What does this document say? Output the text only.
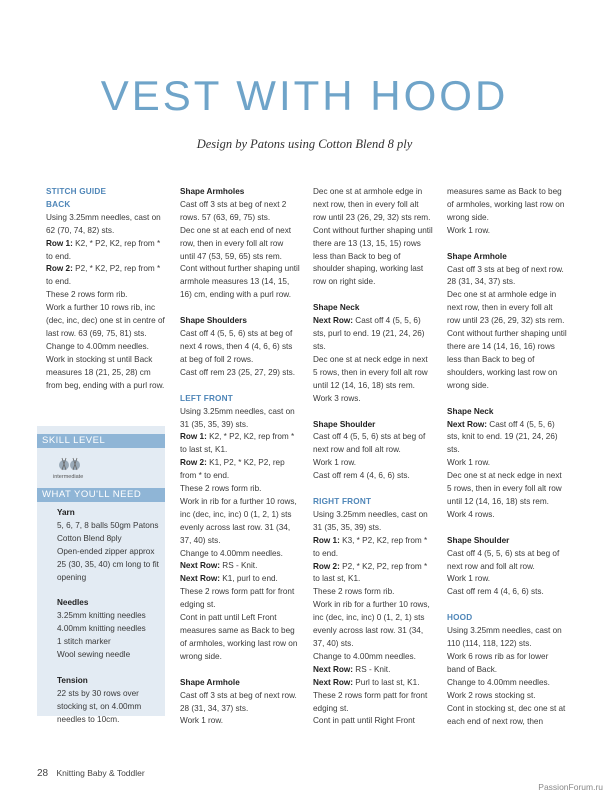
VEST WITH HOOD
Design by Patons using Cotton Blend 8 ply

STITCH GUIDE

BACK

Using 3.25mm needles, cast on 62 (70, 74, 82) sts.

Row 1: K2, * P2, K2, rep from * to end.

Row 2: P2, * K2, P2, rep from * to end.

These 2 rows form rib.

Work a further 10 rows rib, inc (dec, inc, dec) one st in centre of last row. 63 (69, 75, 81) sts.

Change to 4.00mm needles.

Work in stocking st until Back measures 18 (21, 25, 28) cm from beg, ending with a purl row.

SKILL LEVEL
intermediate
WHAT YOU'LL NEED

Yarn

5, 6, 7, 8 balls 50gm Patons Cotton Blend 8ply

Open-ended zipper approx 25 (30, 35, 40) cm long to fit opening

Needles

3.25mm knitting needles

4.00mm knitting needles

1 stitch marker

Wool sewing needle

Tension

22 sts by 30 rows over stocking st, on 4.00mm needles to 10cm.

Shape Armholes

Cast off 3 sts at beg of next 2 rows. 57 (63, 69, 75) sts.

Dec one st at each end of next row, then in every foll alt row until 47 (53, 59, 65) sts rem.

Cont without further shaping until armhole measures 13 (14, 15, 16) cm, ending with a purl row.

Shape Shoulders

Cast off 4 (5, 5, 6) sts at beg of next 4 rows, then 4 (4, 6, 6) sts at beg of foll 2 rows.

Cast off rem 23 (25, 27, 29) sts.

LEFT FRONT

Using 3.25mm needles, cast on 31 (35, 35, 39) sts.

Row 1: K2, * P2, K2, rep from * to last st, K1.

Row 2: K1, P2, * K2, P2, rep from * to end.

These 2 rows form rib.

Work in rib for a further 10 rows, inc (dec, inc, inc) 0 (1, 2, 1) sts evenly across last row. 31 (34, 37, 40) sts.

Change to 4.00mm needles.

Next Row: RS - Knit.

Next Row: K1, purl to end.

These 2 rows form patt for front edging st.

Cont in patt until Left Front measures same as Back to beg of armholes, working last row on wrong side.

Shape Armhole

Cast off 3 sts at beg of next row. 28 (31, 34, 37) sts.

Work 1 row.

Dec one st at armhole edge in next row, then in every foll alt row until 23 (26, 29, 32) sts rem.

Cont without further shaping until there are 13 (13, 15, 15) rows less than Back to beg of shoulder shaping, working last row on right side.

Shape Neck

Next Row: Cast off 4 (5, 5, 6) sts, purl to end. 19 (21, 24, 26) sts.

Dec one st at neck edge in next 5 rows, then in every foll alt row until 12 (14, 16, 18) sts rem.

Work 3 rows.

Shape Shoulder

Cast off 4 (5, 5, 6) sts at beg of next row and foll alt row.

Work 1 row.

Cast off rem 4 (4, 6, 6) sts.

RIGHT FRONT

Using 3.25mm needles, cast on 31 (35, 35, 39) sts.

Row 1: K3, * P2, K2, rep from * to end.

Row 2: P2, * K2, P2, rep from * to last st, K1.

These 2 rows form rib.

Work in rib for a further 10 rows, inc (dec, inc, inc) 0 (1, 2, 1) sts evenly across last row. 31 (34, 37, 40) sts.

Change to 4.00mm needles.

Next Row: RS - Knit.

Next Row: Purl to last st, K1.

These 2 rows form patt for front edging st.

Cont in patt until Right Front

measures same as Back to beg of armholes, working last row on wrong side.

Work 1 row.

Shape Armhole

Cast off 3 sts at beg of next row. 28 (31, 34, 37) sts.

Dec one st at armhole edge in next row, then in every foll alt row until 23 (26, 29, 32) sts rem.

Cont without further shaping until there are 14 (14, 16, 16) rows less than Back to beg of shoulders, working last row on wrong side.

Shape Neck

Next Row: Cast off 4 (5, 5, 6) sts, knit to end. 19 (21, 24, 26) sts.

Work 1 row.

Dec one st at neck edge in next 5 rows, then in every foll alt row until 12 (14, 16, 18) sts rem.

Work 4 rows.

Shape Shoulder

Cast off 4 (5, 5, 6) sts at beg of next row and foll alt row.

Work 1 row.

Cast off rem 4 (4, 6, 6) sts.

HOOD

Using 3.25mm needles, cast on 110 (114, 118, 122) sts.

Work 6 rows rib as for lower band of Back.

Change to 4.00mm needles.

Work 2 rows stocking st.

Cont in stocking st, dec one st at each end of next row, then

28 Knitting Baby & Toddler
PassionForum.ru
